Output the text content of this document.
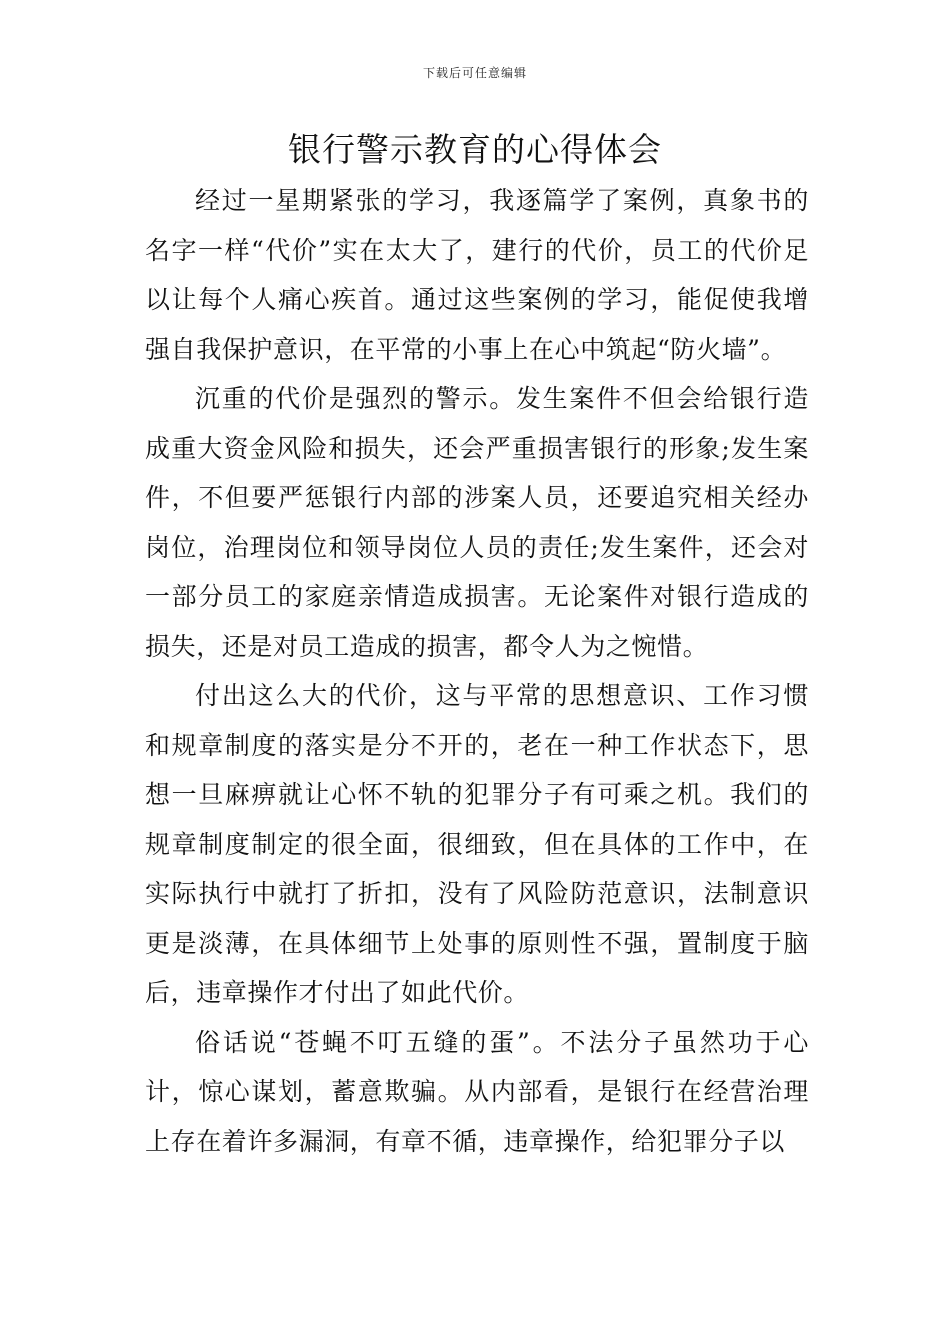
下载后可任意编辑
银行警示教育的心得体会

经过一星期紧张的学习，我逐篇学了案例，真象书的名字一样“代价”实在太大了，建行的代价，员工的代价足以让每个人痛心疾首。通过这些案例的学习，能促使我增强自我保护意识，在平常的小事上在心中筑起“防火墙”。

沉重的代价是强烈的警示。发生案件不但会给银行造成重大资金风险和损失，还会严重损害银行的形象;发生案件，不但要严惩银行内部的涉案人员，还要追究相关经办岗位，治理岗位和领导岗位人员的责任;发生案件，还会对一部分员工的家庭亲情造成损害。无论案件对银行造成的损失，还是对员工造成的损害，都令人为之惋惜。

付出这么大的代价，这与平常的思想意识、工作习惯和规章制度的落实是分不开的，老在一种工作状态下，思想一旦麻痹就让心怀不轨的犯罪分子有可乘之机。我们的规章制度制定的很全面，很细致，但在具体的工作中，在实际执行中就打了折扣，没有了风险防范意识，法制意识更是淡薄，在具体细节上处事的原则性不强，置制度于脑后，违章操作才付出了如此代价。

俗话说“苍蝇不叮五缝的蛋”。不法分子虽然功于心计，惊心谋划，蓄意欺骗。从内部看，是银行在经营治理上存在着许多漏洞，有章不循，违章操作，给犯罪分子以
